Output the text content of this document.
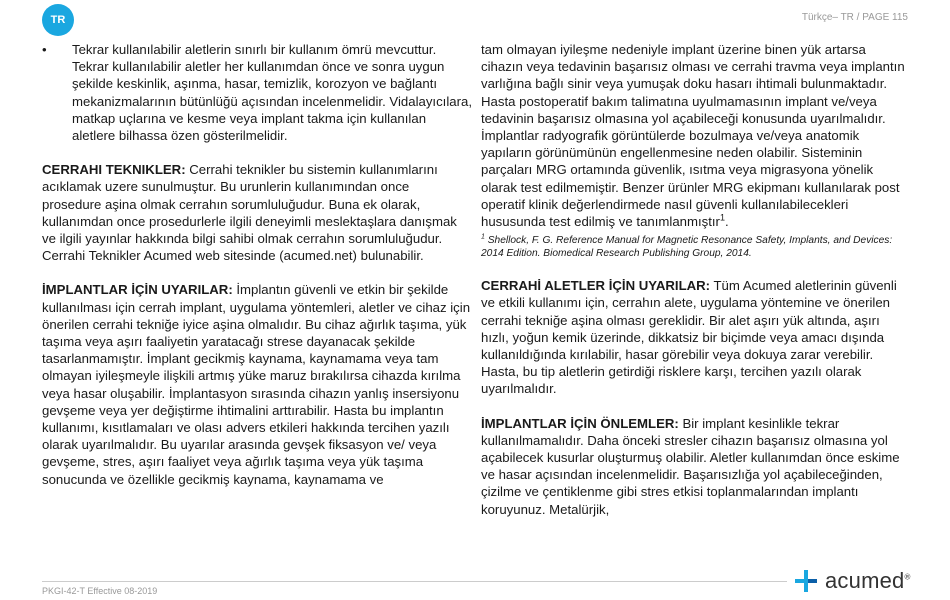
TR	Türkçe– TR / PAGE 115
• Tekrar kullanılabilir aletlerin sınırlı bir kullanım ömrü mevcuttur. Tekrar kullanılabilir aletler her kullanımdan önce ve sonra uygun şekilde keskinlik, aşınma, hasar, temizlik, korozyon ve bağlantı mekanizmalarının bütünlüğü açısından incelenmelidir. Vidalayıcılara, matkap uçlarına ve kesme veya implant takma için kullanılan aletlere bilhassa özen gösterilmelidir.

CERRAHI TEKNIKLER: Cerrahi teknikler bu sistemin kullanımlarını acıklamak uzere sunulmuştur. Bu urunlerin kullanımından once prosedure aşina olmak cerrahın sorumluluğudur. Buna ek olarak, kullanımdan once prosedurlerle ilgili deneyimli meslektaşlara danışmak ve ilgili yayınlar hakkında bilgi sahibi olmak cerrahın sorumluluğudur. Cerrahi Teknikler Acumed web sitesinde (acumed.net) bulunabilir.

İMPLANTLAR İÇİN UYARILAR: İmplantın güvenli ve etkin bir şekilde kullanılması için cerrah implant, uygulama yöntemleri, aletler ve cihaz için önerilen cerrahi tekniğe iyice aşina olmalıdır. Bu cihaz ağırlık taşıma, yük taşıma veya aşırı faaliyetin yaratacağı strese dayanacak şekilde tasarlanmamıştır. İmplant gecikmiş kaynama, kaynamama veya tam olmayan iyileşmeyle ilişkili artmış yüke maruz bırakılırsa cihazda kırılma veya hasar oluşabilir. İmplantasyon sırasında cihazın yanlış insersiyonu gevşeme veya yer değiştirme ihtimalini arttırabilir. Hasta bu implantın kullanımı, kısıtlamaları ve olası advers etkileri hakkında tercihen yazılı olarak uyarılmalıdır. Bu uyarılar arasında gevşek fiksasyon ve/ veya gevşeme, stres, aşırı faaliyet veya ağırlık taşıma veya yük taşıma sonucunda ve özellikle gecikmiş kaynama, kaynamama ve

tam olmayan iyileşme nedeniyle implant üzerine binen yük artarsa cihazın veya tedavinin başarısız olması ve cerrahi travma veya implantın varlığına bağlı sinir veya yumuşak doku hasarı ihtimali bulunmaktadır. Hasta postoperatif bakım talimatına uyulmamasının implant ve/veya tedavinin başarısız olmasına yol açabileceği konusunda uyarılmalıdır. İmplantlar radyografik görüntülerde bozulmaya ve/veya anatomik yapıların görünümünün engellenmesine neden olabilir. Sisteminin parçaları MRG ortamında güvenlik, ısıtma veya migrasyona yönelik olarak test edilmemiştir. Benzer ürünler MRG ekipmanı kullanılarak post operatif klinik değerlendirmede nasıl güvenli kullanılabilecekleri hususunda test edilmiş ve tanımlanmıştır$^1$.

$^1$ Shellock, F. G. Reference Manual for Magnetic Resonance Safety, Implants, and Devices: 2014 Edition. Biomedical Research Publishing Group, 2014.

CERRAHİ ALETLER İÇİN UYARILAR: Tüm Acumed aletlerinin güvenli ve etkili kullanımı için, cerrahın alete, uygulama yöntemine ve önerilen cerrahi tekniğe aşina olması gereklidir. Bir alet aşırı yük altında, aşırı hızlı, yoğun kemik üzerinde, dikkatsiz bir biçimde veya amacı dışında kullanıldığında kırılabilir, hasar görebilir veya dokuya zarar verebilir. Hasta, bu tip aletlerin getirdiği risklere karşı, tercihen yazılı olarak uyarılmalıdır.

İMPLANTLAR İÇİN ÖNLEMLER: Bir implant kesinlikle tekrar kullanılmamalıdır. Daha önceki stresler cihazın başarısız olmasına yol açabilecek kusurlar oluşturmuş olabilir. Aletler kullanımdan önce eskime ve hasar açısından incelenmelidir. Başarısızlığa yol açabileceğinden, çizilme ve çentiklenme gibi stres etkisi toplanmalarından implantı koruyunuz. Metalürjik,

PKGI-42-T Effective 08-2019	acumed®
